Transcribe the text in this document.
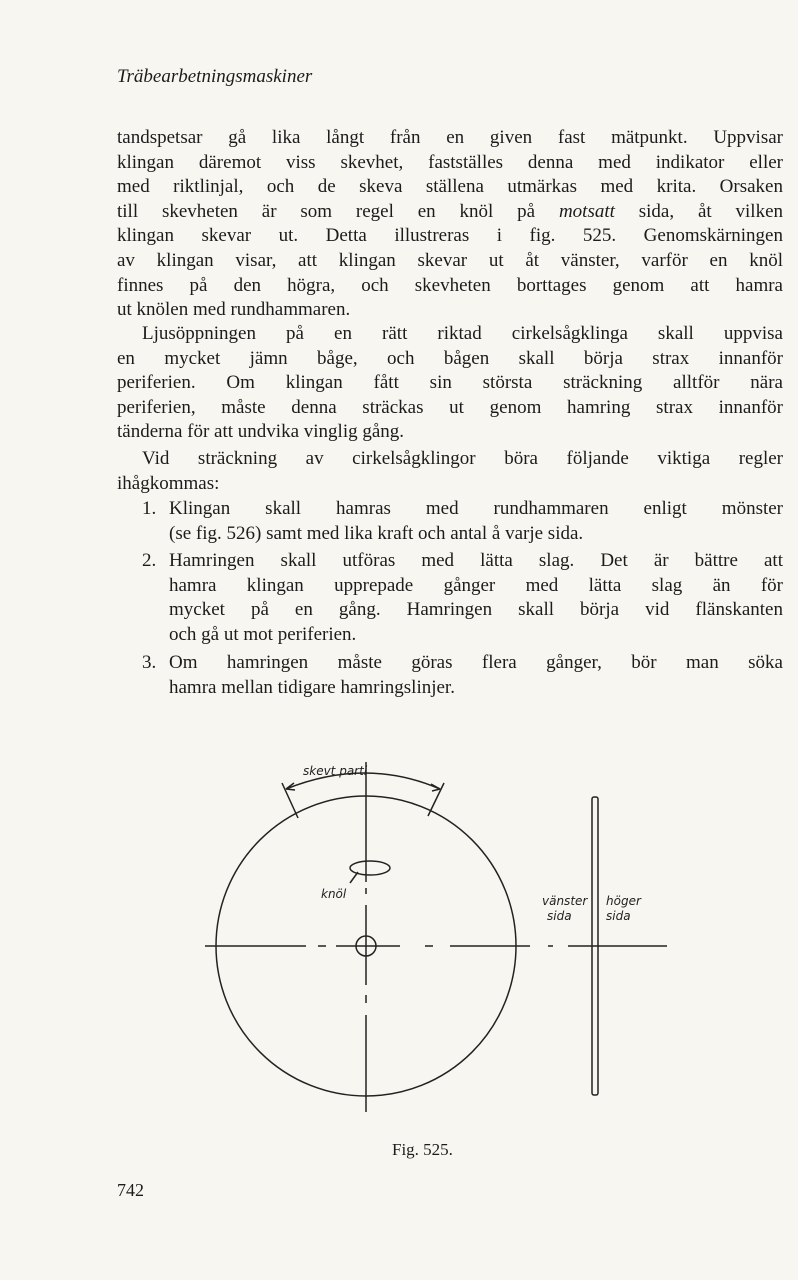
Träbearbetningsmaskiner
tandspetsar gå lika långt från en given fast mätpunkt. Uppvisar
klingan däremot viss skevhet, fastställes denna med indikator eller
med riktlinjal, och de skeva ställena utmärkas med krita. Orsaken
till skevheten är som regel en knöl på motsatt sida, åt vilken
klingan skevar ut. Detta illustreras i fig. 525. Genomskärningen
av klingan visar, att klingan skevar ut åt vänster, varför en knöl
finnes på den högra, och skevheten borttages genom att hamra
ut knölen med rundhammaren.
Ljusöppningen på en rätt riktad cirkelsågklinga skall uppvisa
en mycket jämn båge, och bågen skall börja strax innanför
periferien. Om klingan fått sin största sträckning alltför nära
periferien, måste denna sträckas ut genom hamring strax innanför
tänderna för att undvika vinglig gång.
Vid sträckning av cirkelsågklingor böra följande viktiga regler
ihågkommas:
1. Klingan skall hamras med rundhammaren enligt mönster
(se fig. 526) samt med lika kraft och antal å varje sida.
2. Hamringen skall utföras med lätta slag. Det är bättre att
hamra klingan upprepade gånger med lätta slag än för
mycket på en gång. Hamringen skall börja vid flänskanten
och gå ut mot periferien.
3. Om hamringen måste göras flera gånger, bör man söka
hamra mellan tidigare hamringslinjer.
skevt parti
knöl	vänster
sida
höger
sida
Fig. 525.
742
